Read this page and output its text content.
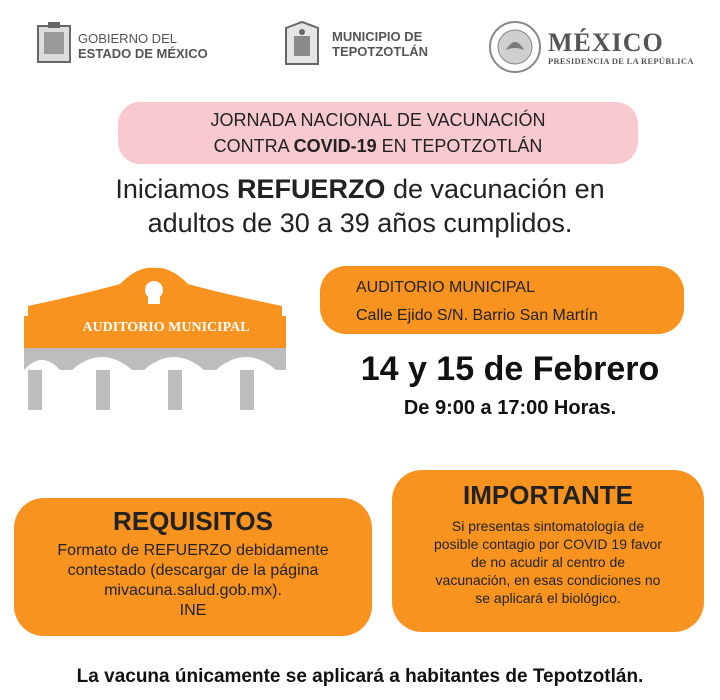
GOBIERNO DEL
ESTADO DE MÉXICO
MUNICIPIO DE
TEPOTZOTLÁN	MÉXICO
PRESIDENCIA DE LA REPÚBLICA
JORNADA NACIONAL DE VACUNACIÓN
CONTRA COVID-19 EN TEPOTZOTLÁN
Iniciamos REFUERZO de vacunación en
adultos de 30 a 39 años cumplidos.
AUDITORIO MUNICIPAL
AUDITORIO MUNICIPAL
Calle Ejido S/N. Barrio San Martín
14 y 15 de Febrero
De 9:00 a 17:00 Horas.
REQUISITOS
Formato de REFUERZO debidamente
contestado (descargar de la página
mivacuna.salud.gob.mx).
INE
IMPORTANTE
Si presentas sintomatología de
posible contagio por COVID 19 favor
de no acudir al centro de
vacunación, en esas condiciones no
se aplicará el biológico.
La vacuna únicamente se aplicará a habitantes de Tepotzotlán.
